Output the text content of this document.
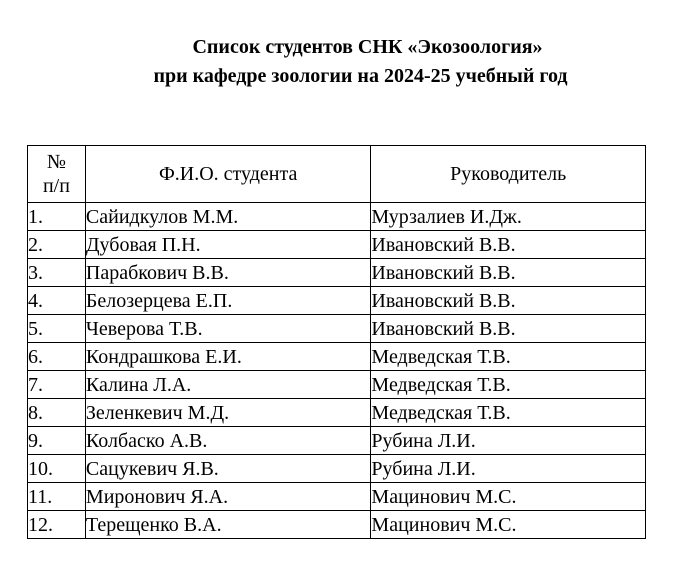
Список студентов СНК «Экозоология»
при кафедре зоологии на 2024-25 учебный год
№
п/п	Ф.И.О. студента	Руководитель
1.	Сайидкулов М.М.	Мурзалиев И.Дж.
2.	Дубовая П.Н.	Ивановский В.В.
3.	Парабкович В.В.	Ивановский В.В.
4.	Белозерцева Е.П.	Ивановский В.В.
5.	Чеверова Т.В.	Ивановский В.В.
6.	Кондрашкова Е.И.	Медведская Т.В.
7.	Калина Л.А.	Медведская Т.В.
8.	Зеленкевич М.Д.	Медведская Т.В.
9.	Колбаско А.В.	Рубина Л.И.
10.	Сацукевич Я.В.	Рубина Л.И.
11.	Миронович Я.А.	Мацинович М.С.
12.	Терещенко В.А.	Мацинович М.С.
